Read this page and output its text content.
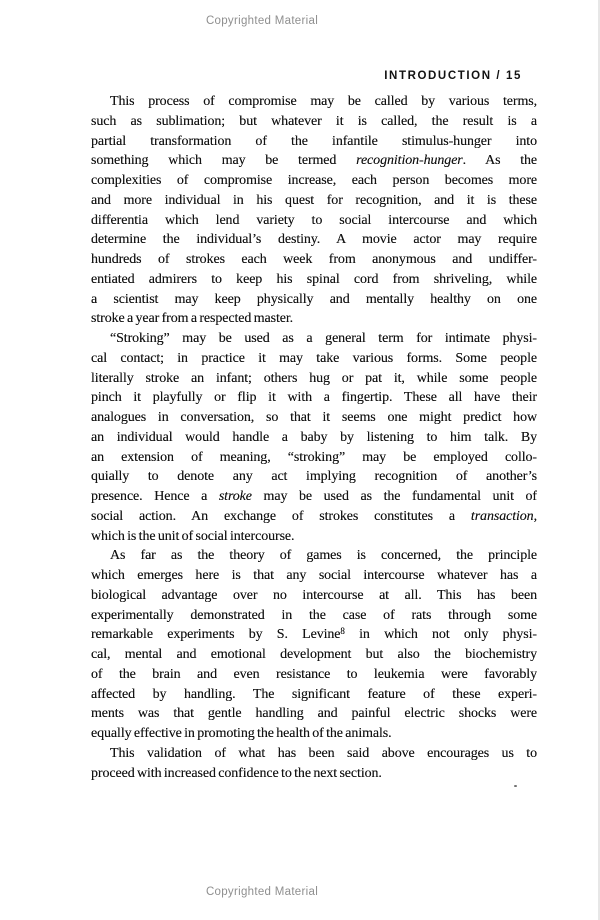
Copyrighted Material
INTRODUCTION / 15
This process of compromise may be called by various terms,
such as sublimation; but whatever it is called, the result is a
partial transformation of the infantile stimulus-hunger into
something which may be termed recognition-hunger. As the
complexities of compromise increase, each person becomes more
and more individual in his quest for recognition, and it is these
differentia which lend variety to social intercourse and which
determine the individual’s destiny. A movie actor may require
hundreds of strokes each week from anonymous and undiffer-
entiated admirers to keep his spinal cord from shriveling, while
a scientist may keep physically and mentally healthy on one
stroke a year from a respected master.
“Stroking” may be used as a general term for intimate physi-
cal contact; in practice it may take various forms. Some people
literally stroke an infant; others hug or pat it, while some people
pinch it playfully or flip it with a fingertip. These all have their
analogues in conversation, so that it seems one might predict how
an individual would handle a baby by listening to him talk. By
an extension of meaning, “stroking” may be employed collo-
quially to denote any act implying recognition of another’s
presence. Hence a stroke may be used as the fundamental unit of
social action. An exchange of strokes constitutes a transaction,
which is the unit of social intercourse.
As far as the theory of games is concerned, the principle
which emerges here is that any social intercourse whatever has a
biological advantage over no intercourse at all. This has been
experimentally demonstrated in the case of rats through some
remarkable experiments by S. Levine$^8$ in which not only physi-
cal, mental and emotional development but also the biochemistry
of the brain and even resistance to leukemia were favorably
affected by handling. The significant feature of these experi-
ments was that gentle handling and painful electric shocks were
equally effective in promoting the health of the animals.
This validation of what has been said above encourages us to
proceed with increased confidence to the next section.
Copyrighted Material
